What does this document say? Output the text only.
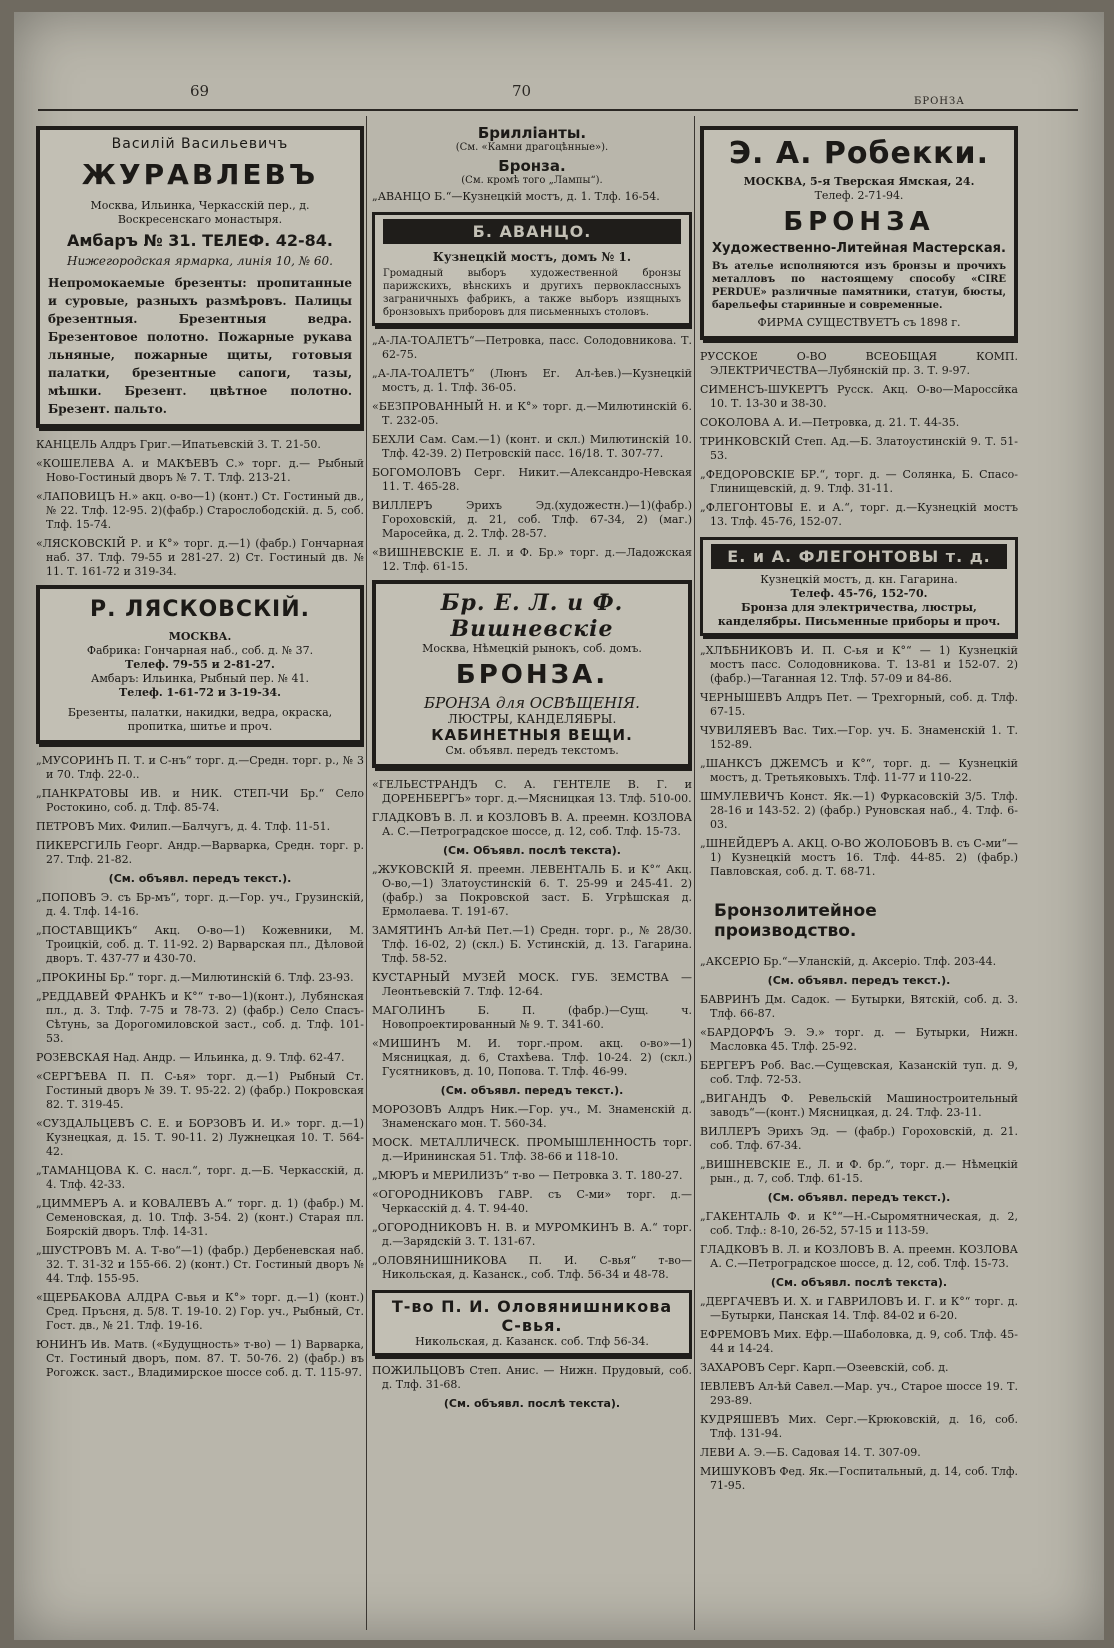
69	70
БРОНЗА
Василій Васильевичъ
ЖУРАВЛЕВЪ
Москва, Ильинка, Черкасскій пер., д. Воскресенскаго монастыря.
Амбаръ № 31. ТЕЛЕФ. 42-84.
Нижегородская ярмарка, линія 10, № 60.
Непромокаемые брезенты: пропитанные и суровые, разныхъ размѣровъ. Палицы брезентныя. Брезентныя ведра. Брезентовое полотно. Пожарные рукава льняные, пожарные щиты, готовыя палатки, брезентные сапоги, тазы, мѣшки. Брезент. цвѣтное полотно. Брезент. пальто.
КАНЦЕЛЬ Алдръ Григ.—Ипатьевскій 3. Т. 21-50.
«КОШЕЛЕВА А. и МАКѢЕВЪ С.» торг. д.— Рыбный Ново-Гостиный дворъ № 7. Т. Тлф. 213-21.
«ЛАПОВИЦЪ Н.» акц. о-во—1) (конт.) Ст. Гостиный дв., № 22. Тлф. 12-95. 2)(фабр.) Старослободскій. д. 5, соб. Тлф. 15-74.
«ЛЯСКОВСКІЙ Р. и К°» торг. д.—1) (фабр.) Гончарная наб. 37. Тлф. 79-55 и 281-27. 2) Ст. Гостиный дв. № 11. Т. 161-72 и 319-34.
Р. ЛЯСКОВСКІЙ.
МОСКВА.
Фабрика: Гончарная наб., соб. д. № 37.
Телеф. 79-55 и 2-81-27.
Амбаръ: Ильинка, Рыбный пер. № 41.
Телеф. 1-61-72 и 3-19-34.
Брезенты, палатки, накидки, ведра, окраска, пропитка, шитье и проч.
„МУСОРИНЪ П. Т. и С-нъ“ торг. д.—Средн. торг. р., № 3 и 70. Тлф. 22-0..
„ПАНКРАТОВЫ ИВ. и НИК. СТЕП-ЧИ Бр.“ Село Ростокино, соб. д. Тлф. 85-74.
ПЕТРОВЪ Мих. Филип.—Балчугъ, д. 4. Тлф. 11-51.
ПИКЕРСГИЛЬ Георг. Андр.—Варварка, Средн. торг. р. 27. Тлф. 21-82.
(См. объявл. передъ текст.).
„ПОПОВЪ Э. съ Бр-мъ“, торг. д.—Гор. уч., Грузинскій, д. 4. Тлф. 14-16.
„ПОСТАВЩИКЪ“ Акц. О-во—1) Кожевники, М. Троицкій, соб. д. Т. 11-92. 2) Варварская пл., Дѣловой дворъ. Т. 437-77 и 430-70.
„ПРОКИНЫ Бр.“ торг. д.—Милютинскій 6. Тлф. 23-93.
„РЕДДАВЕЙ ФРАНКЪ и К°“ т-во—1)(конт.), Лубянская пл., д. 3. Тлф. 7-75 и 78-73. 2) (фабр.) Село Спасъ-Сѣтунь, за Дорогомиловской заст., соб. д. Тлф. 101-53.
РОЗЕВСКАЯ Над. Андр. — Ильинка, д. 9. Тлф. 62-47.
«СЕРГѢЕВА П. П. С-ья» торг. д.—1) Рыбный Ст. Гостиный дворъ № 39. Т. 95-22. 2) (фабр.) Покровская 82. Т. 319-45.
«СУЗДАЛЬЦЕВЪ С. Е. и БОРЗОВЪ И. И.» торг. д.—1) Кузнецкая, д. 15. Т. 90-11. 2) Лужнецкая 10. Т. 564-42.
„ТАМАНЦОВА К. С. насл.“, торг. д.—Б. Черкасскій, д. 4. Тлф. 42-33.
„ЦИММЕРЪ А. и КОВАЛЕВЪ А.“ торг. д. 1) (фабр.) М. Семеновская, д. 10. Тлф. 3-54. 2) (конт.) Старая пл. Боярскій дворъ. Тлф. 14-31.
„ШУСТРОВЪ М. А. Т-во“—1) (фабр.) Дербеневская наб. 32. Т. 31-32 и 155-66. 2) (конт.) Ст. Гостиный дворъ № 44. Тлф. 155-95.
«ЩЕРБАКОВА АЛДРА С-вья и К°» торг. д.—1) (конт.) Сред. Пръсня, д. 5/8. Т. 19-10. 2) Гор. уч., Рыбный, Ст. Гост. дв., № 21. Тлф. 19-16.
ЮНИНЪ Ив. Матв. («Будущность» т-во) — 1) Варварка, Ст. Гостиный дворъ, пом. 87. Т. 50-76. 2) (фабр.) въ Рогожск. заст., Владимирское шоссе соб. д. Т. 115-97.
Брилліанты.
(См. «Камни драгоцѣнные»).
Бронза.
(См. кромѣ того „Лампы“).
„АВАНЦО Б.“—Кузнецкій мостъ, д. 1. Тлф. 16-54.
Б. АВАНЦО.
Кузнецкій мостъ, домъ № 1.
Громадный выборъ художественной бронзы парижскихъ, вѣнскихъ и другихъ первоклассныхъ заграничныхъ фабрикъ, а также выборъ изящныхъ бронзовыхъ приборовъ для письменныхъ столовъ.
„А-ЛА-ТОАЛЕТЪ“—Петровка, пасс. Солодовникова. Т. 62-75.
„А-ЛА-ТОАЛЕТЪ“ (Люнъ Ег. Ал-ѣев.)—Кузнецкій мостъ, д. 1. Тлф. 36-05.
«БЕЗПРОВАННЫЙ Н. и К°» торг. д.—Милютинскій 6. Т. 232-05.
БЕХЛИ Сам. Сам.—1) (конт. и скл.) Милютинскій 10. Тлф. 42-39. 2) Петровскій пасс. 16/18. Т. 307-77.
БОГОМОЛОВЪ Серг. Никит.—Александро-Невская 11. Т. 465-28.
ВИЛЛЕРЪ Эрихъ Эд.(художестн.)—1)(фабр.) Гороховскій, д. 21, соб. Тлф. 67-34, 2) (маг.) Маросейка, д. 2. Тлф. 28-57.
«ВИШНЕВСКІЕ Е. Л. и Ф. Бр.» торг. д.—Ладожская 12. Тлф. 61-15.
Бр. Е. Л. и Ф. Вишневскіе
Москва, Нѣмецкій рынокъ, соб. домъ.
БРОНЗА.
БРОНЗА для ОСВѢЩЕНІЯ.
ЛЮСТРЫ, КАНДЕЛЯБРЫ.
КАБИНЕТНЫЯ ВЕЩИ.
См. объявл. передъ текстомъ.
«ГЕЛЬЕСТРАНДЪ С. А. ГЕНТЕЛЕ В. Г. и ДОРЕНБЕРГЪ» торг. д.—Мясницкая 13. Тлф. 510-00.
ГЛАДКОВЪ В. Л. и КОЗЛОВЪ В. А. преемн. КОЗЛОВА А. С.—Петроградское шоссе, д. 12, соб. Тлф. 15-73.
(См. Объявл. послѣ текста).
„ЖУКОВСКІЙ Я. преемн. ЛЕВЕНТАЛЬ Б. и К°“ Акц. О-во,—1) Златоустинскій 6. Т. 25-99 и 245-41. 2) (фабр.) за Покровской заст. Б. Угрѣшская д. Ермолаева. Т. 191-67.
ЗАМЯТИНЪ Ал-ѣй Пет.—1) Средн. торг. р., № 28/30. Тлф. 16-02, 2) (скл.) Б. Устинскій, д. 13. Гагарина. Тлф. 58-52.
КУСТАРНЫЙ МУЗЕЙ МОСК. ГУБ. ЗЕМСТВА —Леонтьевскій 7. Тлф. 12-64.
МАГОЛИНЪ Б. П. (фабр.)—Сущ. ч. Новопроектированный № 9. Т. 341-60.
«МИШИНЪ М. И. торг.-пром. акц. о-во»—1) Мясницкая, д. 6, Стахѣева. Тлф. 10-24. 2) (скл.) Гусятниковъ, д. 10, Попова. Т. Тлф. 46-99.
(См. объявл. передъ текст.).
МОРОЗОВЪ Алдръ Ник.—Гор. уч., М. Знаменскій д. Знаменскаго мон. Т. 560-34.
МОСК. МЕТАЛЛИЧЕСК. ПРОМЫШЛЕННОСТЬ торг. д.—Ирининская 51. Тлф. 38-66 и 118-10.
„МЮРЪ и МЕРИЛИЗЪ“ т-во — Петровка 3. Т. 180-27.
«ОГОРОДНИКОВЪ ГАВР. съ С-ми» торг. д.— Черкасскій д. 4. Т. 94-40.
„ОГОРОДНИКОВЪ Н. В. и МУРОМКИНЪ В. А.“ торг. д.—Зарядскій 3. Т. 131-67.
„ОЛОВЯНИШНИКОВА П. И. С-вья“ т-во— Никольская, д. Казанск., соб. Тлф. 56-34 и 48-78.
Т-во П. И. Оловянишникова С-вья.
Никольская, д. Казанск. соб. Тлф 56-34.
ПОЖИЛЬЦОВЪ Степ. Анис. — Нижн. Прудовый, соб. д. Тлф. 31-68.
(См. объявл. послѣ текста).
Э. А. Робекки.
МОСКВА, 5-я Тверская Ямская, 24.
Телеф. 2-71-94.
БРОНЗА
Художественно-Литейная Мастерская.
Въ ателье исполняются изъ бронзы и прочихъ металловъ по настоящему способу «CIRE PERDUE» различные памятники, статуи, бюсты, барельефы старинные и современные.
ФИРМА СУЩЕСТВУЕТЪ съ 1898 г.
РУССКОЕ О-ВО ВСЕОБЩАЯ КОМП. ЭЛЕКТРИЧЕСТВА—Лубянскій пр. 3. Т. 9-97.
СИМЕНСЪ-ШУКЕРТЪ Русск. Акц. О-во—Мароссйка 10. Т. 13-30 и 38-30.
СОКОЛОВА А. И.—Петровка, д. 21. Т. 44-35.
ТРИНКОВСКІЙ Степ. Ад.—Б. Златоустинскій 9. Т. 51-53.
„ФЕДОРОВСКІЕ БР.“, торг. д. — Солянка, Б. Спасо-Глинищевскій, д. 9. Тлф. 31-11.
„ФЛЕГОНТОВЫ Е. и А.“, торг. д.—Кузнецкій мостъ 13. Тлф. 45-76, 152-07.
Е. и А. ФЛЕГОНТОВЫ т. д.
Кузнецкій мостъ, д. кн. Гагарина.
Телеф. 45-76, 152-70.
Бронза для электричества, люстры, канделябры. Письменные приборы и проч.
„ХЛѢБНИКОВЪ И. П. С-ья и К°“ — 1) Кузнецкій мостъ пасс. Солодовникова. Т. 13-81 и 152-07. 2) (фабр.)—Таганная 12. Тлф. 57-09 и 84-86.
ЧЕРНЫШЕВЪ Алдръ Пет. — Трехгорный, соб. д. Тлф. 67-15.
ЧУВИЛЯЕВЪ Вас. Тих.—Гор. уч. Б. Знаменскій 1. Т. 152-89.
„ШАНКСЪ ДЖЕМСЪ и К°“, торг. д. — Кузнецкій мостъ, д. Третьяковыхъ. Тлф. 11-77 и 110-22.
ШМУЛЕВИЧЪ Конст. Як.—1) Фуркасовскій 3/5. Тлф. 28-16 и 143-52. 2) (фабр.) Руновская наб., 4. Тлф. 6-03.
„ШНЕЙДЕРЪ А. АКЦ. О-ВО ЖОЛОБОВЪ В. съ С-ми“—1) Кузнецкій мостъ 16. Тлф. 44-85. 2) (фабр.) Павловская, соб. д. Т. 68-71.
Бронзолитейное производство.
„АКСЕРІО Бр.“—Уланскій, д. Аксеріо. Тлф. 203-44.
(См. объявл. передъ текст.).
БАВРИНЪ Дм. Садок. — Бутырки, Вятскій, соб. д. 3. Тлф. 66-87.
«БАРДОРФЪ Э. Э.» торг. д. — Бутырки, Нижн. Масловка 45. Тлф. 25-92.
БЕРГЕРЪ Роб. Вас.—Сущевская, Казанскій туп. д. 9, соб. Тлф. 72-53.
„ВИГАНДЪ Ф. Ревельскій Машиностроительный заводъ“—(конт.) Мясницкая, д. 24. Тлф. 23-11.
ВИЛЛЕРЪ Эрихъ Эд. — (фабр.) Гороховскій, д. 21. соб. Тлф. 67-34.
„ВИШНЕВСКІЕ Е., Л. и Ф. бр.“, торг. д.— Нѣмецкій рын., д. 7, соб. Тлф. 61-15.
(См. объявл. передъ текст.).
„ГАКЕНТАЛЬ Ф. и К°“—Н.-Сыромятническая, д. 2, соб. Тлф.: 8-10, 26-52, 57-15 и 113-59.
ГЛАДКОВЪ В. Л. и КОЗЛОВЪ В. А. преемн. КОЗЛОВА А. С.—Петроградское шоссе, д. 12, соб. Тлф. 15-73.
(См. объявл. послѣ текста).
„ДЕРГАЧЕВЪ И. Х. и ГАВРИЛОВЪ И. Г. и К°“ торг. д.—Бутырки, Панская 14. Тлф. 84-02 и 6-20.
ЕФРЕМОВЪ Мих. Ефр.—Шаболовка, д. 9, соб. Тлф. 45-44 и 14-24.
ЗАХАРОВЪ Серг. Карп.—Озеевскій, соб. д.
ІЕВЛЕВЪ Ал-ѣй Савел.—Мар. уч., Старое шоссе 19. Т. 293-89.
КУДРЯШЕВЪ Мих. Серг.—Крюковскій, д. 16, соб. Тлф. 131-94.
ЛЕВИ А. Э.—Б. Садовая 14. Т. 307-09.
МИШУКОВЪ Фед. Як.—Госпитальный, д. 14, соб. Тлф. 71-95.
